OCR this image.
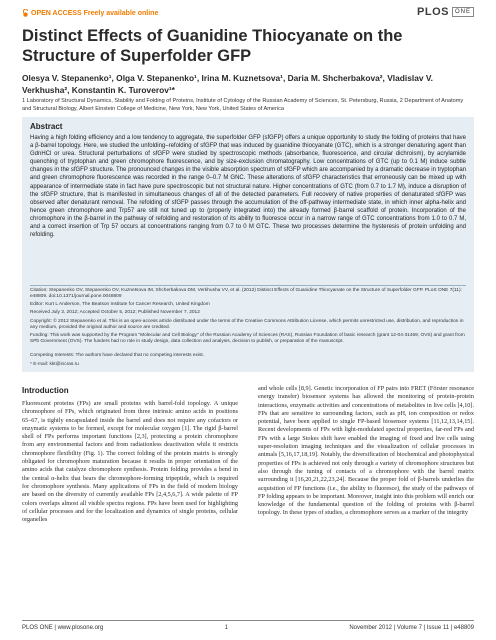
OPEN ACCESS Freely available online	PLOS	ONE
Distinct Effects of Guanidine Thiocyanate on the Structure of Superfolder GFP
Olesya V. Stepanenko¹, Olga V. Stepanenko¹, Irina M. Kuznetsova¹, Daria M. Shcherbakova², Vladislav V. Verkhusha², Konstantin K. Turoverov¹*
1 Laboratory of Structural Dynamics, Stability and Folding of Proteins, Institute of Cytology of the Russian Academy of Sciences, St. Petersburg, Russia, 2 Department of Anatomy and Structural Biology, Albert Einstein College of Medicine, New York, New York, United States of America
Abstract
Having a high folding efficiency and a low tendency to aggregate, the superfolder GFP (sfGFP) offers a unique opportunity to study the folding of proteins that have a β-barrel topology. Here, we studied the unfolding–refolding of sfGFP that was induced by guanidine thiocyanate (GTC), which is a stronger denaturing agent than GdnHCl or urea. Structural perturbations of sfGFP were studied by spectroscopic methods (absorbance, fluorescence, and circular dichroism), by acrylamide quenching of tryptophan and green chromophore fluorescence, and by size-exclusion chromatography. Low concentrations of GTC (up to 0.1 M) induce subtle changes in the sfGFP structure. The pronounced changes in the visible absorption spectrum of sfGFP which are accompanied by a dramatic decrease in tryptophan and green chromophore fluorescence was recorded in the range 0–0.7 M GNC. These alterations of sfGFP characteristics that erroneously can be mixed up with appearance of intermediate state in fact have pure spectroscopic but not structural nature. Higher concentrations of GTC (from 0.7 to 1.7 M), induce a disruption of the sfGFP structure, that is manifested in simultaneous changes of all of the detected parameters. Full recovery of native properties of denaturated sfGFP was observed after denaturant removal. The refolding of sfGFP passes through the accumulation of the off-pathway intermediate state, in which inner alpha-helix and hence green chromophore and Trp57 are still not tuned up to (properly integrated into) the already formed β-barrel scaffold of protein. Incorporation of the chromophore in the β-barrel in the pathway of refolding and restoration of its ability to fluoresce occur in a narrow range of GTC concentrations from 1.0 to 0.7 M, and a correct insertion of Trp 57 occurs at concentrations ranging from 0.7 to 0 M GTC. These two processes determine the hysteresis of protein unfolding and refolding.
Citation: Stepanenko OV, Stepanenko OV, Kuznetsova IM, Shcherbakova DM, Verkhusha VV, et al. (2012) Distinct Effects of Guanidine Thiocyanate on the Structure of Superfolder GFP. PLoS ONE 7(11): e48809. doi:10.1371/journal.pone.0048809
Editor: Kurt L Anderson, The Beatson Institute for Cancer Research, United Kingdom
Received July 3, 2012; Accepted October 5, 2012; Published November 7, 2012
Copyright: © 2012 Stepanenko et al. This is an open-access article distributed under the terms of the Creative Commons Attribution License, which permits unrestricted use, distribution, and reproduction in any medium, provided the original author and source are credited.
Funding: This work was supported by the Program "Molecular and Cell Biology" of the Russian Academy of Sciences (RAS), Russian Foundation of basic research (grant 12-04-31469, OVS) and grant from SPb Government (OVS). The funders had no role in study design, data collection and analysis, decision to publish, or preparation of the manuscript.
Competing Interests: The authors have declared that no competing interests exist.
* E-mail: kkt@incras.ru
Introduction
Fluorescent proteins (FPs) are small proteins with barrel-fold topology. A unique chromophore of FPs, which originated from three intrinsic amino acids in positions 65–67, is tightly encapsulated inside the barrel and does not require any cofactors or enzymatic systems to be formed, except for molecular oxygen [1]. The rigid β-barrel shell of FPs performs important functions [2,3], protecting a protein chromophore from any environmental factors and from radiationless deactivation while it restricts chromophore flexibility (Fig. 1). The correct folding of the protein matrix is strongly obligated for chromophore maturation because it results in proper orientation of the amino acids that catalyze chromophore synthesis. Protein folding provides a bend in the central α-helix that bears the chromophore-forming tripeptide, which is required for chromophore synthesis. Many applications of FPs in the field of modern biology are based on the diversity of currently available FPs [2,4,5,6,7]. A wide palette of FP colors overlaps almost all visible spectra regions. FPs have been used for highlighting of cellular processes and for the localization and dynamics of single proteins, cellular organelles
and whole cells [8,9]. Genetic incorporation of FP pairs into FRET (Förster resonance energy transfer) biosensor systems has allowed the monitoring of protein-protein interactions, enzymatic activities and concentrations of metabolites in live cells [4,10]. FPs that are sensitive to surrounding factors, such as pH, ion composition or redox potential, have been applied to single FP-based biosensor systems [11,12,13,14,15]. Recent developments of FPs with light-modulated spectral properties, far-red FPs and FPs with a large Stokes shift have enabled the imaging of fixed and live cells using super-resolution imaging techniques and the visualization of cellular processes in animals [5,16,17,18,19]. Notably, the diversification of biochemical and photophysical properties of FPs is achieved not only through a variety of chromophore structures but also through the tuning of contacts of a chromophore with the barrel matrix surrounding it [16,20,21,22,23,24]. Because the proper fold of β-barrels underlies the acquisition of FP functions (i.e., the ability to fluoresce), the study of the pathways of FP folding appears to be important. Moreover, insight into this problem will enrich our knowledge of the fundamental question of the folding of proteins with β-barrel topology. In these types of studies, a chromophore serves as a marker of the integrity
PLOS ONE | www.plosone.org	1	November 2012 | Volume 7 | Issue 11 | e48809
